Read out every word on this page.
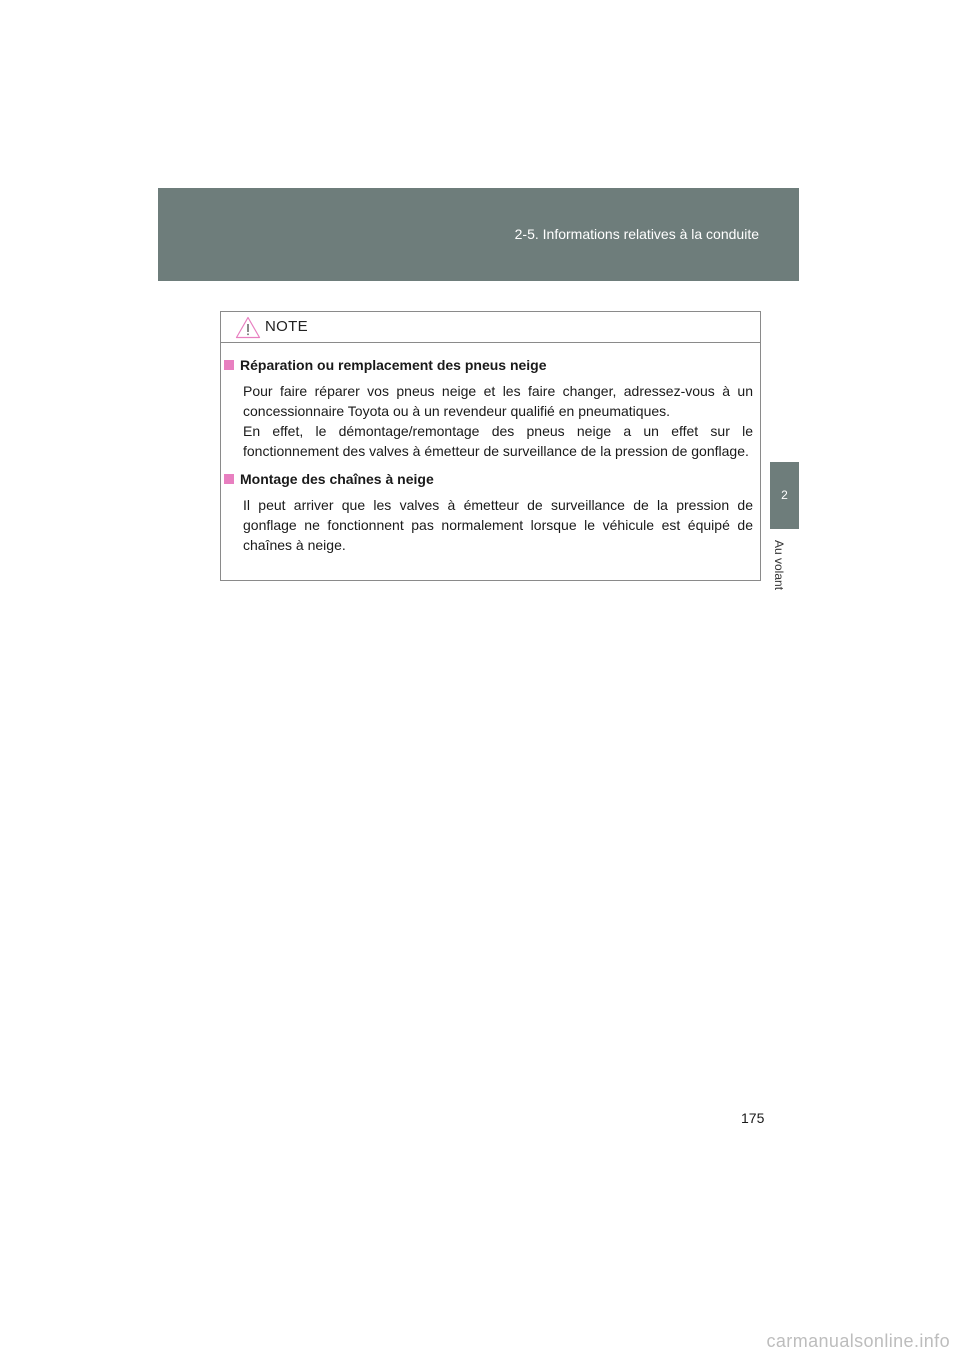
2-5. Informations relatives à la conduite
2
Au volant
NOTE
Réparation ou remplacement des pneus neige

Pour faire réparer vos pneus neige et les faire changer, adressez-vous à un concessionnaire Toyota ou à un revendeur qualifié en pneumatiques.

En effet, le démontage/remontage des pneus neige a un effet sur le fonctionnement des valves à émetteur de surveillance de la pression de gonflage.

Montage des chaînes à neige

Il peut arriver que les valves à émetteur de surveillance de la pression de gonflage ne fonctionnent pas normalement lorsque le véhicule est équipé de chaînes à neige.

175
carmanualsonline.info
